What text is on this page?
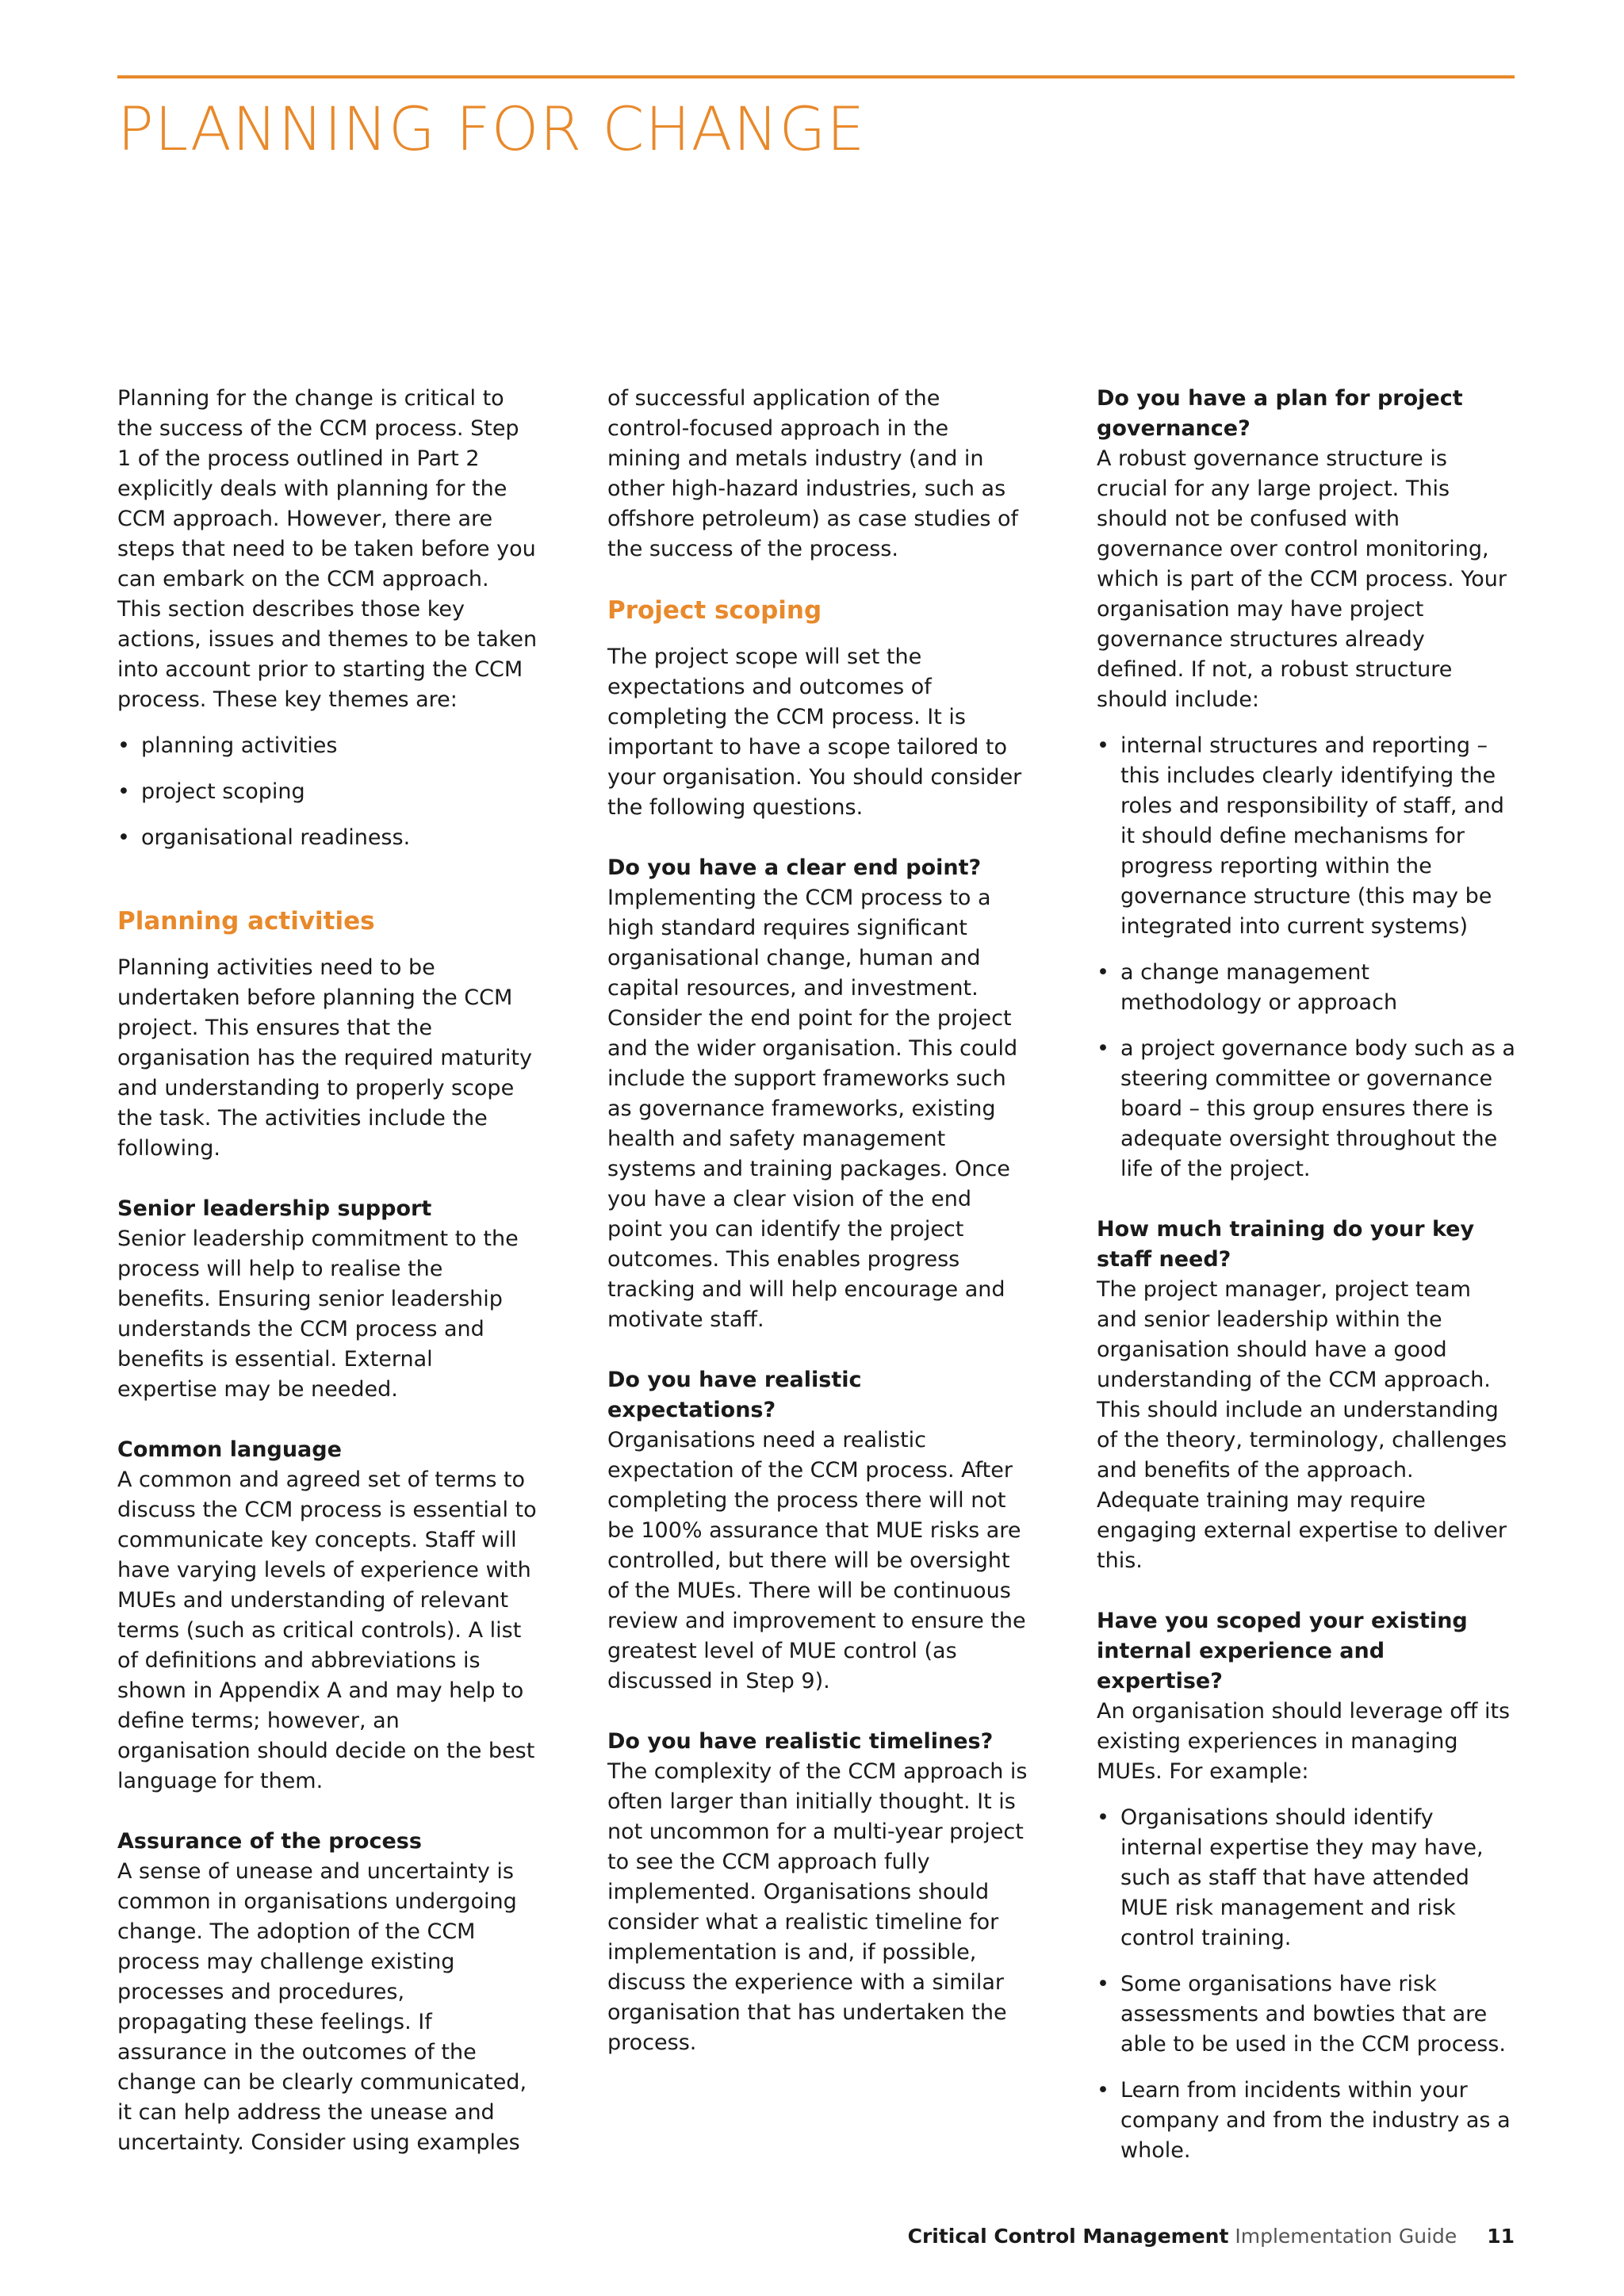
PLANNING FOR CHANGE

Planning for the change is critical to the success of the CCM process. Step 1 of the process outlined in Part 2 explicitly deals with planning for the CCM approach. However, there are steps that need to be taken before you can embark on the CCM approach. This section describes those key actions, issues and themes to be taken into account prior to starting the CCM process. These key themes are:

• planning activities
• project scoping
• organisational readiness.
Planning activities

Planning activities need to be undertaken before planning the CCM project. This ensures that the organisation has the required maturity and understanding to properly scope the task. The activities include the following.

Senior leadership support

Senior leadership commitment to the process will help to realise the benefits. Ensuring senior leadership understands the CCM process and benefits is essential. External expertise may be needed.

Common language

A common and agreed set of terms to discuss the CCM process is essential to communicate key concepts. Staff will have varying levels of experience with MUEs and understanding of relevant terms (such as critical controls). A list of definitions and abbreviations is shown in Appendix A and may help to define terms; however, an organisation should decide on the best language for them.

Assurance of the process

A sense of unease and uncertainty is common in organisations undergoing change. The adoption of the CCM process may challenge existing processes and procedures, propagating these feelings. If assurance in the outcomes of the change can be clearly communicated, it can help address the unease and uncertainty. Consider using examples

of successful application of the control-focused approach in the mining and metals industry (and in other high-hazard industries, such as offshore petroleum) as case studies of the success of the process.

Project scoping

The project scope will set the expectations and outcomes of completing the CCM process. It is important to have a scope tailored to your organisation. You should consider the following questions.

Do you have a clear end point?

Implementing the CCM process to a high standard requires significant organisational change, human and capital resources, and investment. Consider the end point for the project and the wider organisation. This could include the support frameworks such as governance frameworks, existing health and safety management systems and training packages. Once you have a clear vision of the end point you can identify the project outcomes. This enables progress tracking and will help encourage and motivate staff.

Do you have realistic expectations?

Organisations need a realistic expectation of the CCM process. After completing the process there will not be 100% assurance that MUE risks are controlled, but there will be oversight of the MUEs. There will be continuous review and improvement to ensure the greatest level of MUE control (as discussed in Step 9).

Do you have realistic timelines?

The complexity of the CCM approach is often larger than initially thought. It is not uncommon for a multi-year project to see the CCM approach fully implemented. Organisations should consider what a realistic timeline for implementation is and, if possible, discuss the experience with a similar organisation that has undertaken the process.

Do you have a plan for project governance?

A robust governance structure is crucial for any large project. This should not be confused with governance over control monitoring, which is part of the CCM process. Your organisation may have project governance structures already defined. If not, a robust structure should include:

• internal structures and reporting – this includes clearly identifying the roles and responsibility of staff, and it should define mechanisms for progress reporting within the governance structure (this may be integrated into current systems)
• a change management methodology or approach
• a project governance body such as a steering committee or governance board – this group ensures there is adequate oversight throughout the life of the project.
How much training do your key staff need?

The project manager, project team and senior leadership within the organisation should have a good understanding of the CCM approach. This should include an understanding of the theory, terminology, challenges and benefits of the approach. Adequate training may require engaging external expertise to deliver this.

Have you scoped your existing internal experience and expertise?

An organisation should leverage off its existing experiences in managing MUEs. For example:

• Organisations should identify internal expertise they may have, such as staff that have attended MUE risk management and risk control training.
• Some organisations have risk assessments and bowties that are able to be used in the CCM process.
• Learn from incidents within your company and from the industry as a whole.
Critical Control Management Implementation Guide 11
